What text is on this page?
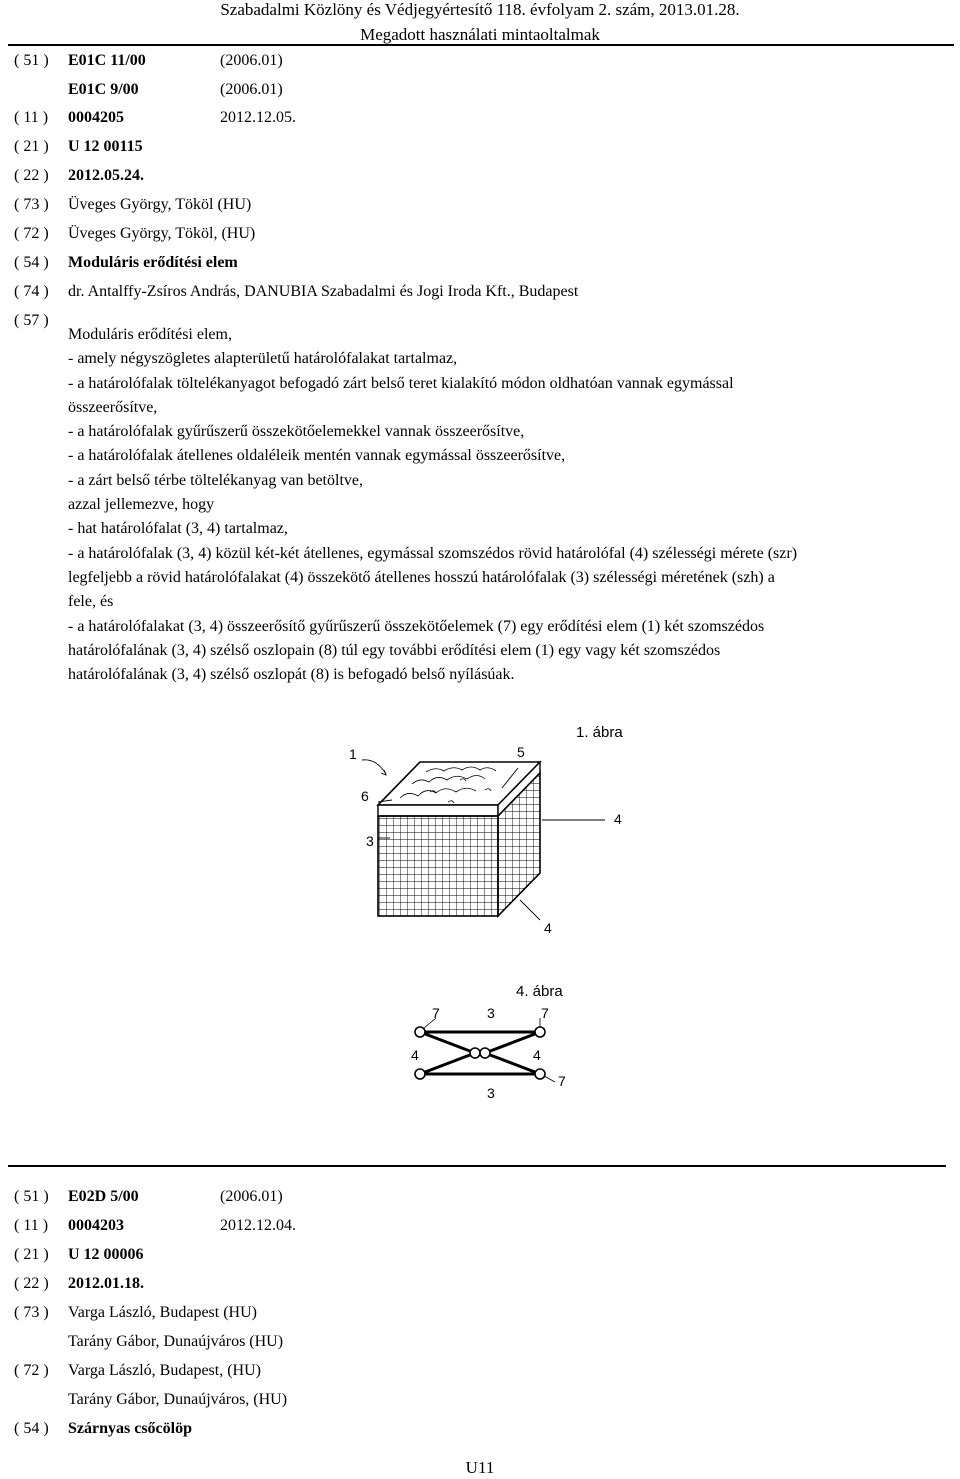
Szabadalmi Közlöny és Védjegyértesítő 118. évfolyam 2. szám, 2013.01.28.
Megadott használati mintaoltalmak
( 51 ) E01C 11/00	(2006.01)
E01C 9/00	(2006.01)
( 11 ) 0004205	2012.12.05.
( 21 ) U 12 00115
( 22 ) 2012.05.24.
( 73 ) Üveges György, Tököl (HU)
( 72 ) Üveges György, Tököl, (HU)
( 54 ) Moduláris erődítési elem
( 74 ) dr. Antalffy-Zsíros András, DANUBIA Szabadalmi és Jogi Iroda Kft., Budapest
( 57 )
Moduláris erődítési elem,
- amely négyszögletes alapterületű határolófalakat tartalmaz,
- a határolófalak töltelékanyagot befogadó zárt belső teret kialakító módon oldhatóan vannak egymással
összeerősítve,
- a határolófalak gyűrűszerű összekötőelemekkel vannak összeerősítve,
- a határolófalak átellenes oldaléleik mentén vannak egymással összeerősítve,
- a zárt belső térbe töltelékanyag van betöltve,
azzal jellemezve, hogy
- hat határolófalat (3, 4) tartalmaz,
- a határolófalak (3, 4) közül két-két átellenes, egymással szomszédos rövid határolófal (4) szélességi mérete (szr)
legfeljebb a rövid határolófalakat (4) összekötő átellenes hosszú határolófalak (3) szélességi méretének (szh) a
fele, és
- a határolófalakat (3, 4) összeerősítő gyűrűszerű összekötőelemek (7) egy erődítési elem (1) két szomszédos
határolófalának (3, 4) szélső oszlopain (8) túl egy további erődítési elem (1) egy vagy két szomszédos
határolófalának (3, 4) szélső oszlopát (8) is befogadó belső nyílásúak.
1. ábra
1	5
6
3
4
4
4. ábra
7	3	7
4	4
7
3
( 51 ) E02D 5/00	(2006.01)
( 11 ) 0004203	2012.12.04.
( 21 ) U 12 00006
( 22 ) 2012.01.18.
( 73 ) Varga László, Budapest (HU)
Tarány Gábor, Dunaújváros (HU)
( 72 ) Varga László, Budapest, (HU)
Tarány Gábor, Dunaújváros, (HU)
( 54 ) Szárnyas csőcölöp
U11
